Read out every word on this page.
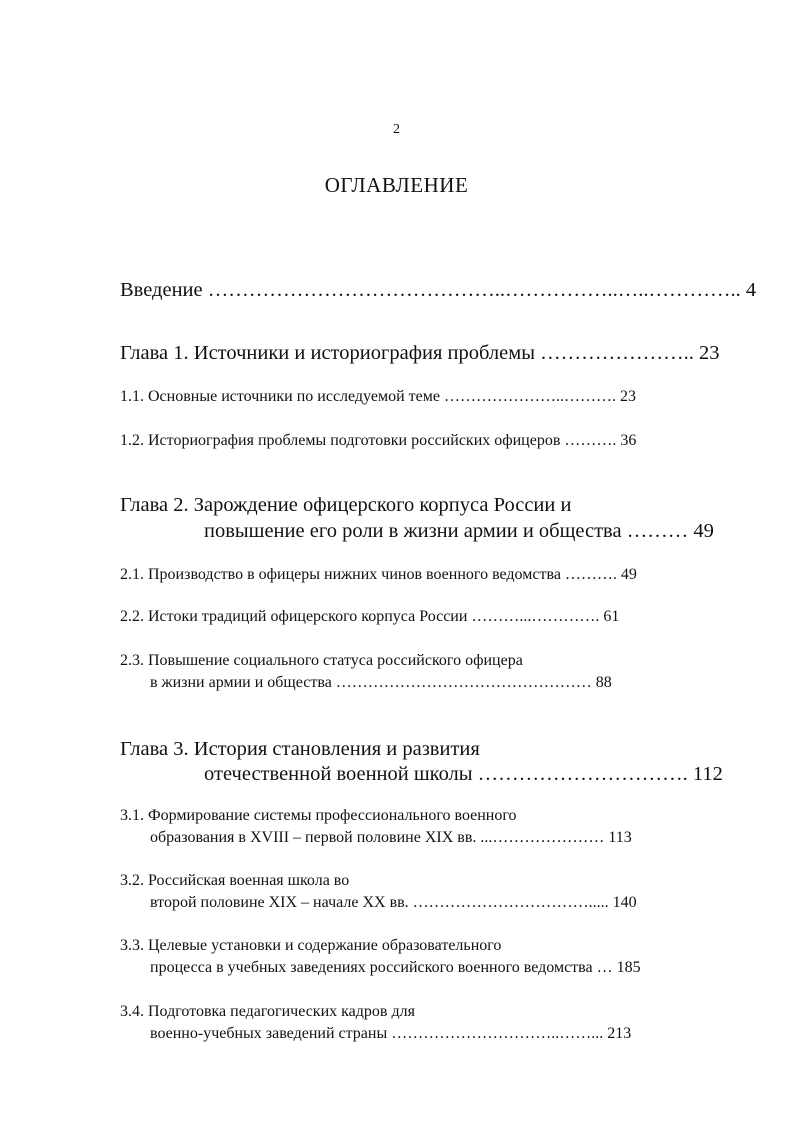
2
ОГЛАВЛЕНИЕ
Введение ……………………………………..……………..…..………….. 4
Глава 1. Источники и историография проблемы ………………….. 23
1.1. Основные источники по исследуемой теме …………………..………. 23
1.2. Историография проблемы подготовки российских офицеров ………. 36
Глава 2. Зарождение офицерского корпуса России и
повышение его роли в жизни армии и общества ……… 49
2.1. Производство в офицеры нижних чинов военного ведомства ………. 49
2.2. Истоки традиций офицерского корпуса России ………...…………. 61
2.3. Повышение социального статуса российского офицера
в жизни армии и общества ………………………………………… 88
Глава 3. История становления и развития
отечественной военной школы …………………………. 112
3.1. Формирование системы профессионального военного
образования в XVIII – первой половине XIX вв. ...………………… 113
3.2. Российская военная школа во
второй половине XIX – начале XX вв. ……………………………..... 140
3.3. Целевые установки и содержание образовательного
процесса в учебных заведениях российского военного ведомства … 185
3.4. Подготовка педагогических кадров для
военно-учебных заведений страны …………………………..……... 213
